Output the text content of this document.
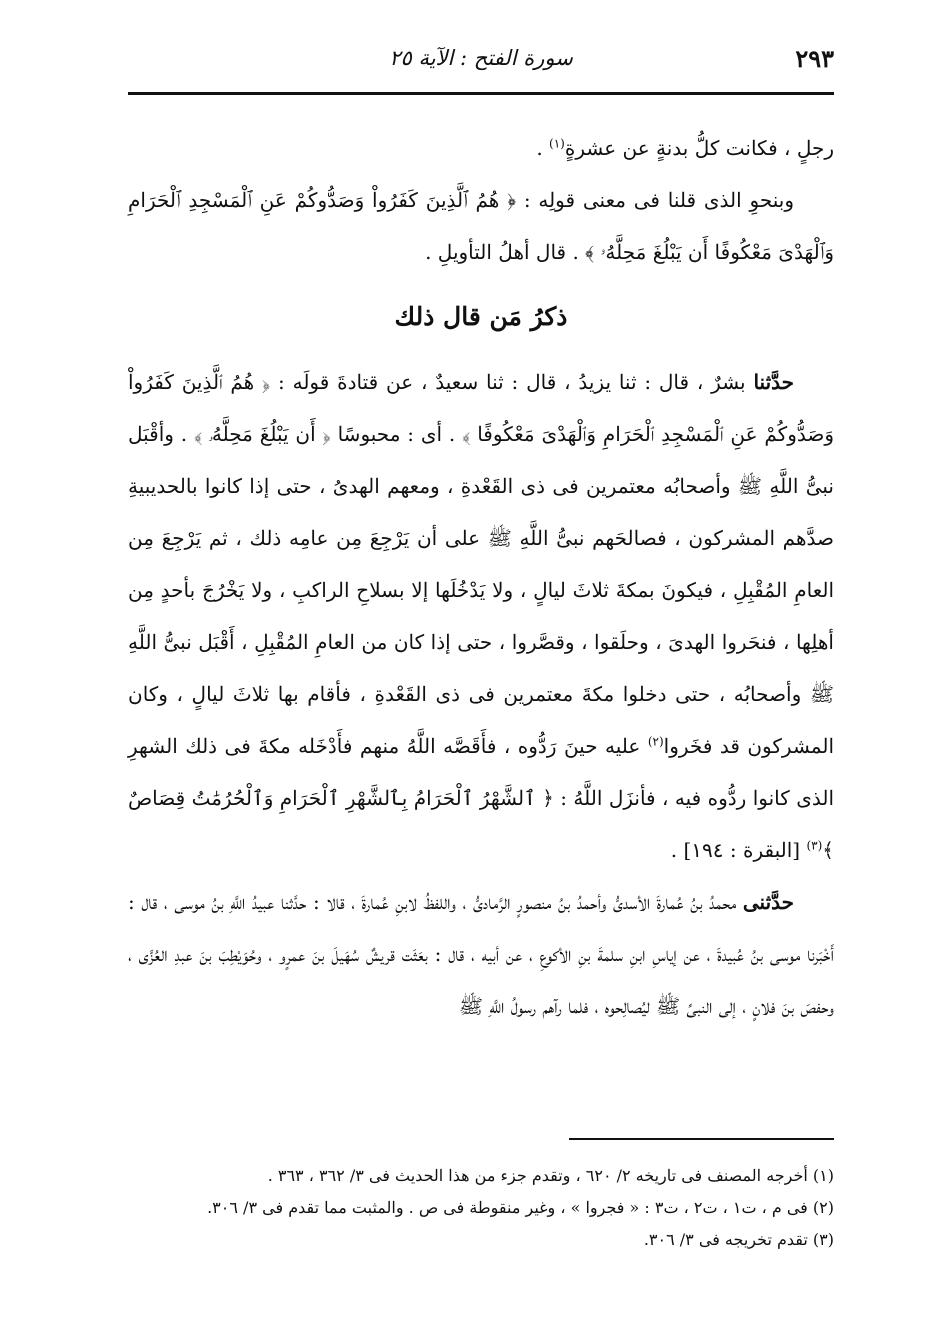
٢٩٣
سورة الفتح : الآية ٢٥

رجلٍ ، فكانت كلُّ بدنةٍ عن عشرةٍ$^{(١)}$ .

وبنحوِ الذى قلنا فى معنى قولِه : ﴿ هُمُ ٱلَّذِينَ كَفَرُواْ وَصَدُّوكُمْ عَنِ ٱلْمَسْجِدِ ٱلْحَرَامِ وَٱلْهَدْىَ مَعْكُوفًا أَن يَبْلُغَ مَحِلَّهُۥ ﴾ . قال أهلُ التأويلِ .

ذكرُ مَن قال ذلك

حدَّثنا بشرٌ ، قال : ثنا يزيدُ ، قال : ثنا سعيدٌ ، عن قتادةَ قولَه : ﴿ هُمُ ٱلَّذِينَ كَفَرُواْ وَصَدُّوكُمْ عَنِ ٱلْمَسْجِدِ ٱلْحَرَامِ وَٱلْهَدْىَ مَعْكُوفًا ﴾ . أى : محبوسًا ﴿ أَن يَبْلُغَ مَحِلَّهُۥ ﴾ . وأقْبَل نبىُّ اللَّهِ ﷺ وأصحابُه معتمرين فى ذى القَعْدةِ ، ومعهم الهدىُ ، حتى إذا كانوا بالحديبيةِ صدَّهم المشركون ، فصالحَهم نبىُّ اللَّهِ ﷺ على أن يَرْجِعَ مِن عامِه ذلك ، ثم يَرْجِعَ مِن العامِ المُقْبِلِ ، فيكونَ بمكةَ ثلاثَ ليالٍ ، ولا يَدْخُلَها إلا بسلاحِ الراكبِ ، ولا يَخْرُجَ بأحدٍ مِن أهلِها ، فنحَروا الهدىَ ، وحلَقوا ، وقصَّروا ، حتى إذا كان من العامِ المُقْبِلِ ، أَقْبَل نبىُّ اللَّهِ ﷺ وأصحابُه ، حتى دخلوا مكةَ معتمرين فى ذى القَعْدةِ ، فأقام بها ثلاثَ ليالٍ ، وكان المشركون قد فخَروا$^{(٢)}$ عليه حينَ رَدُّوه ، فأَقَصَّه اللَّهُ منهم فأَدْخَله مكةَ فى ذلك الشهرِ الذى كانوا ردُّوه فيه ، فأنزَل اللَّهُ : ﴿ ٱلشَّهْرُ ٱلْحَرَامُ بِٱلشَّهْرِ ٱلْحَرَامِ وَٱلْحُرُمَٰتُ قِصَاصٌ ﴾$^{(٣)}$ [البقرة : ١٩٤] .

حدَّثنى محمدُ بنُ عُمارةَ الأسدىُّ وأحمدُ بنُ منصورٍ الرَّمادىُّ ، واللفظُ لابنِ عُمارةَ ، قالا : حدَّثنا عبيدُ اللَّهِ بنُ موسى ، قال : أَخْبَرنا موسى بنُ عُبيدةَ ، عن إياسِ ابنِ سلمةَ بنِ الأكوعِ ، عن أبيه ، قال : بعَثَت قريشٌ سُهَيلَ بنَ عمرٍو ، وحُوَيْطِبَ بنَ عبدِ العُزَّى ، وحفصَ بنَ فلانٍ ، إلى النبىِّ ﷺ ليُصالِحوه ، فلما رآهم رسولُ اللَّهِ ﷺ

(١) أخرجه المصنف فى تاريخه ٢/ ٦٢٠ ، وتقدم جزء من هذا الحديث فى ٣/ ٣٦٢ ، ٣٦٣ .

(٢) فى م ، ت١ ، ت٢ ، ت٣ : « فجروا » ، وغير منقوطة فى ص . والمثبت مما تقدم فى ٣/ ٣٠٦.

(٣) تقدم تخريجه فى ٣/ ٣٠٦.
